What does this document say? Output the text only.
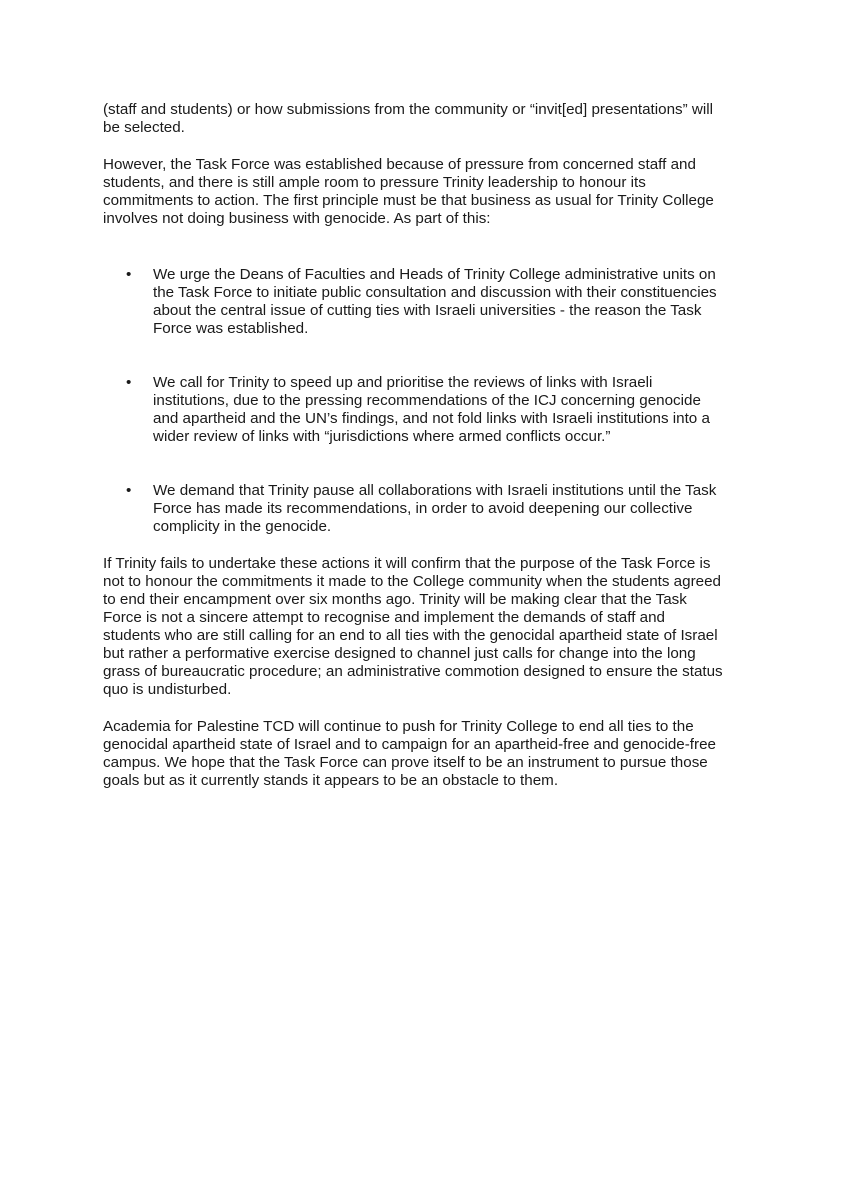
(staff and students) or how submissions from the community or “invit[ed] presentations” will
be selected.

However, the Task Force was established because of pressure from concerned staff and
students, and there is still ample room to pressure Trinity leadership to honour its
commitments to action. The first principle must be that business as usual for Trinity College
involves not doing business with genocide. As part of this:

• We urge the Deans of Faculties and Heads of Trinity College administrative units on
the Task Force to initiate public consultation and discussion with their constituencies
about the central issue of cutting ties with Israeli universities - the reason the Task
Force was established.

• We call for Trinity to speed up and prioritise the reviews of links with Israeli
institutions, due to the pressing recommendations of the ICJ concerning genocide
and apartheid and the UN’s findings, and not fold links with Israeli institutions into a
wider review of links with “jurisdictions where armed conflicts occur.”

• We demand that Trinity pause all collaborations with Israeli institutions until the Task
Force has made its recommendations, in order to avoid deepening our collective
complicity in the genocide.

If Trinity fails to undertake these actions it will confirm that the purpose of the Task Force is
not to honour the commitments it made to the College community when the students agreed
to end their encampment over six months ago. Trinity will be making clear that the Task
Force is not a sincere attempt to recognise and implement the demands of staff and
students who are still calling for an end to all ties with the genocidal apartheid state of Israel
but rather a performative exercise designed to channel just calls for change into the long
grass of bureaucratic procedure; an administrative commotion designed to ensure the status
quo is undisturbed.

Academia for Palestine TCD will continue to push for Trinity College to end all ties to the
genocidal apartheid state of Israel and to campaign for an apartheid-free and genocide-free
campus. We hope that the Task Force can prove itself to be an instrument to pursue those
goals but as it currently stands it appears to be an obstacle to them.
